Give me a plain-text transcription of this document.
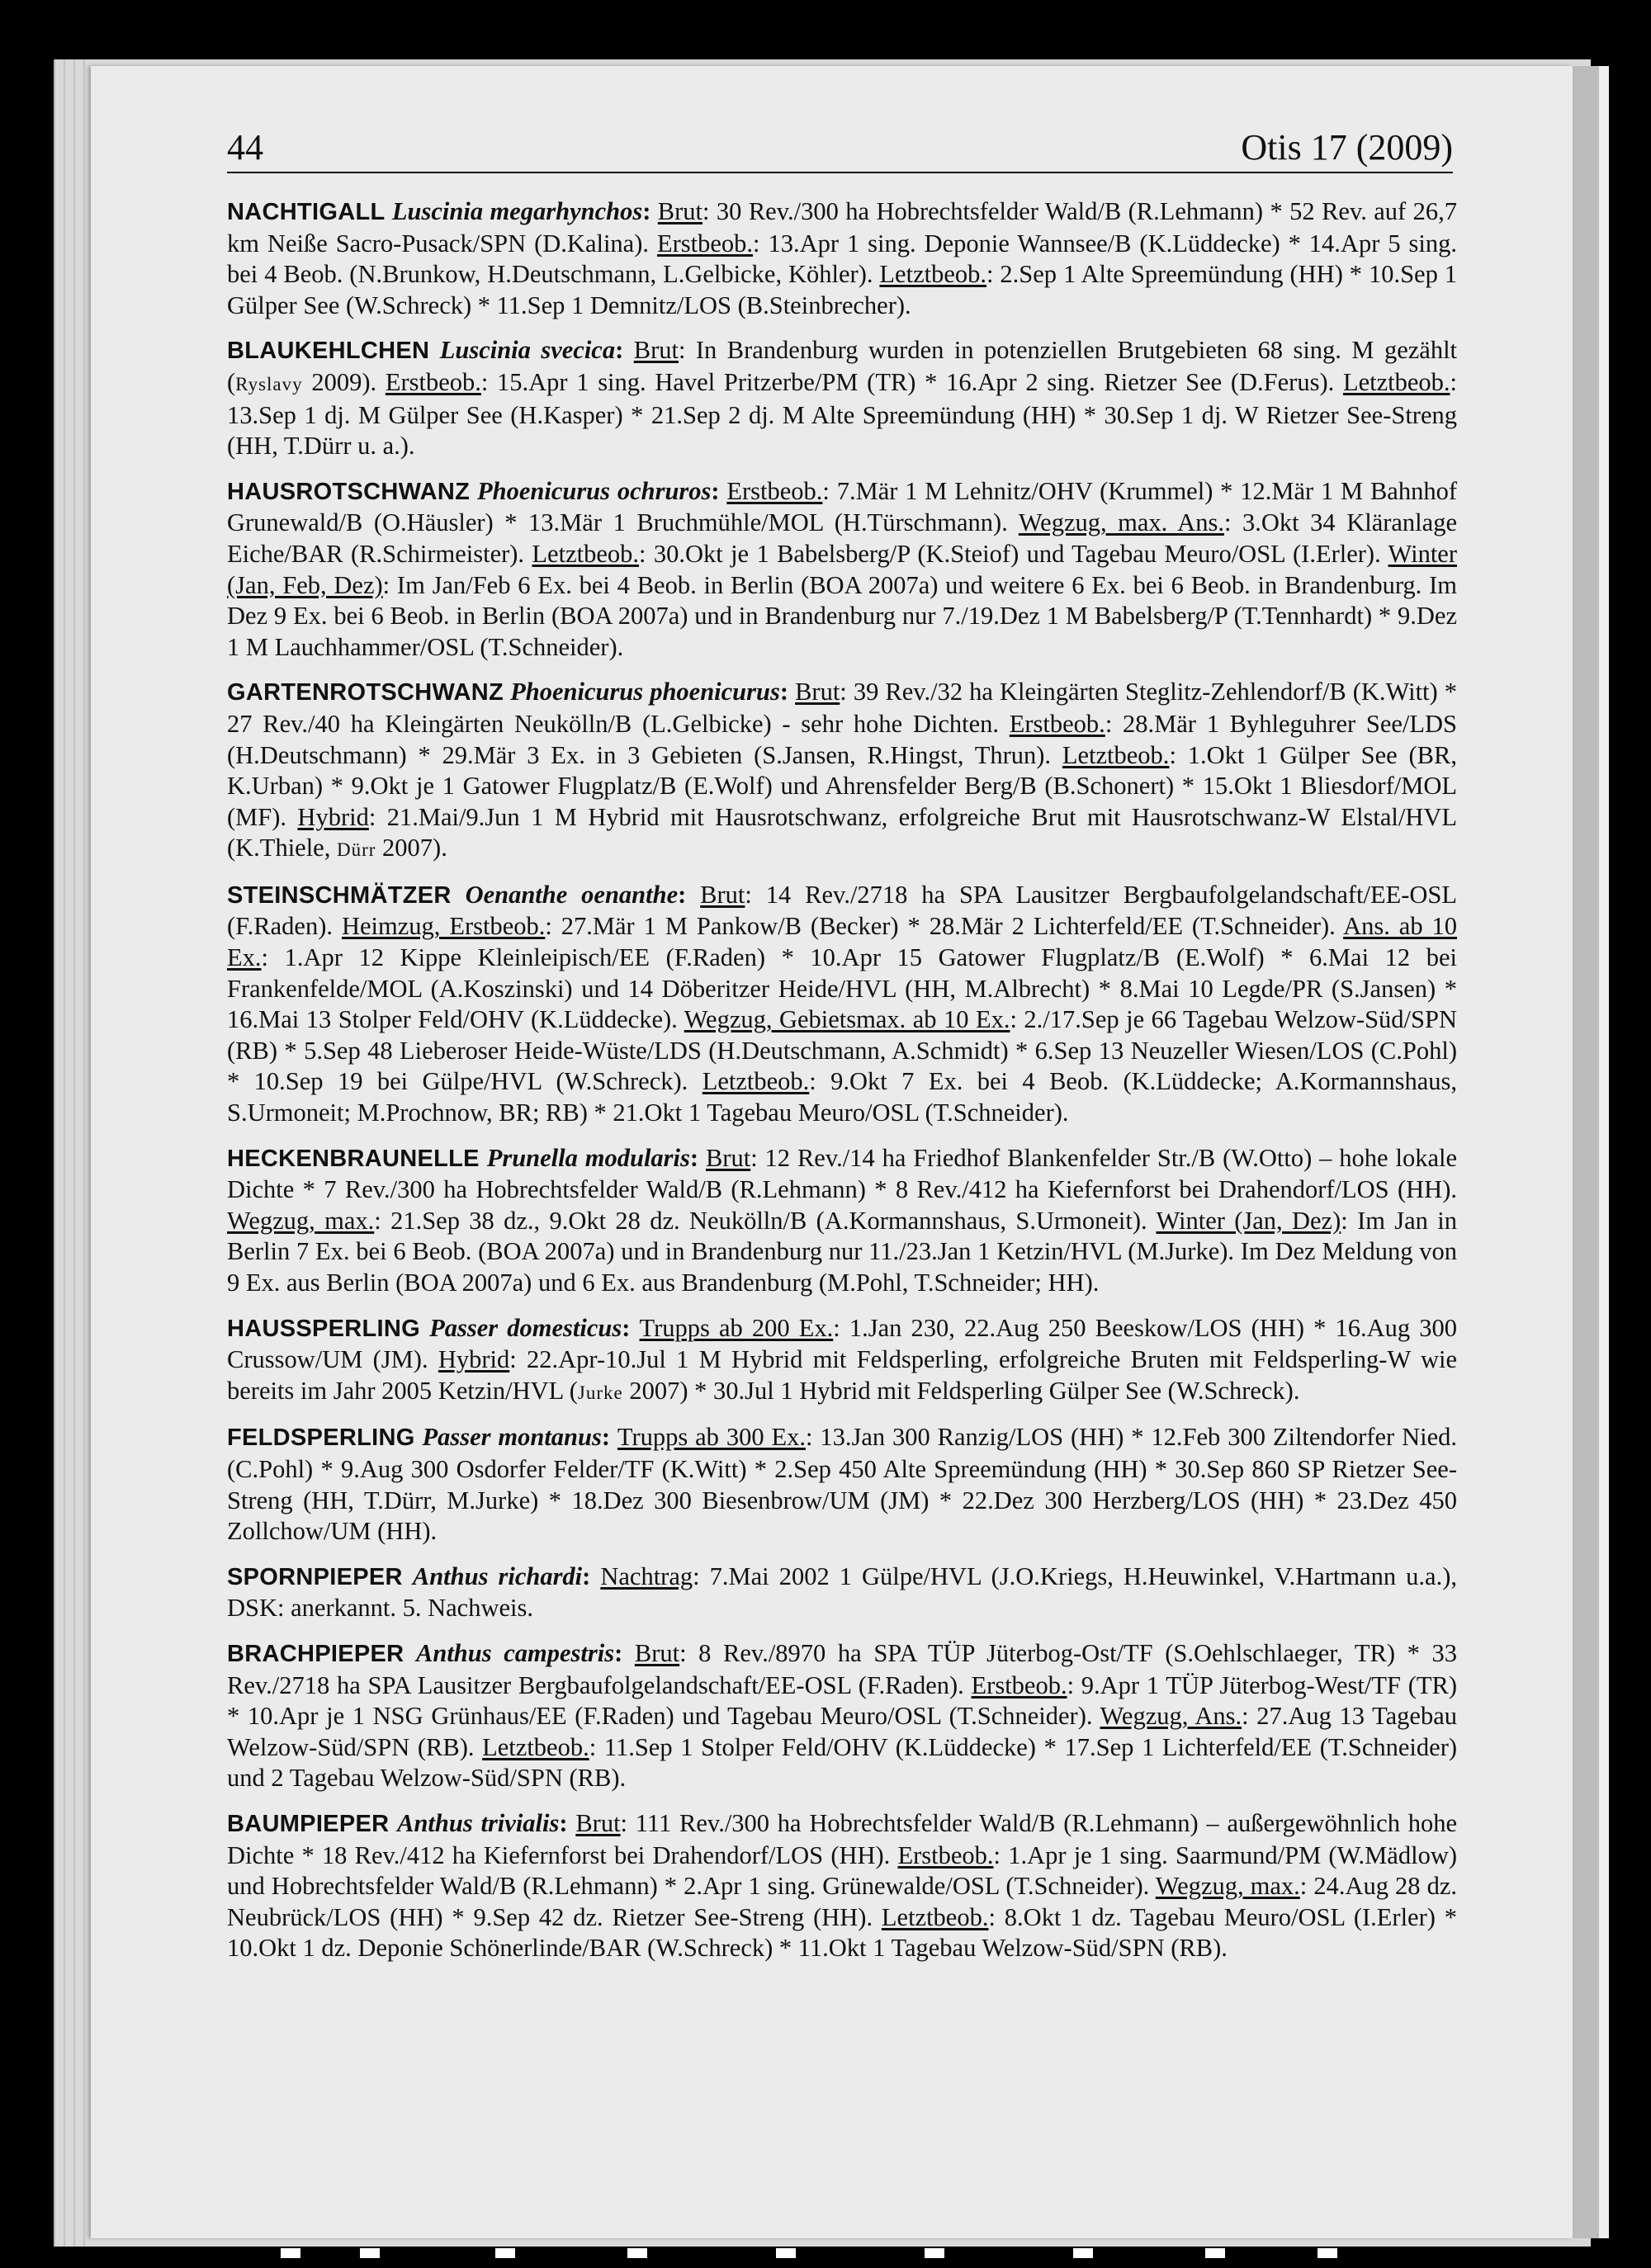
44	Otis 17 (2009)

NACHTIGALL Luscinia megarhynchos: Brut: 30 Rev./300 ha Hobrechtsfelder Wald/B (R.Lehmann) * 52 Rev. auf 26,7 km Neiße Sacro-Pusack/SPN (D.Kalina). Erstbeob.: 13.Apr 1 sing. Deponie Wannsee/B (K.Lüddecke) * 14.Apr 5 sing. bei 4 Beob. (N.Brunkow, H.Deutschmann, L.Gelbicke, Köhler). Letztbeob.: 2.Sep 1 Alte Spreemündung (HH) * 10.Sep 1 Gülper See (W.Schreck) * 11.Sep 1 Demnitz/LOS (B.Steinbrecher).

BLAUKEHLCHEN Luscinia svecica: Brut: In Brandenburg wurden in potenziellen Brutgebieten 68 sing. M gezählt (Ryslavy 2009). Erstbeob.: 15.Apr 1 sing. Havel Pritzerbe/PM (TR) * 16.Apr 2 sing. Rietzer See (D.Ferus). Letztbeob.: 13.Sep 1 dj. M Gülper See (H.Kasper) * 21.Sep 2 dj. M Alte Spreemündung (HH) * 30.Sep 1 dj. W Rietzer See-Streng (HH, T.Dürr u. a.).

HAUSROTSCHWANZ Phoenicurus ochruros: Erstbeob.: 7.Mär 1 M Lehnitz/OHV (Krummel) * 12.Mär 1 M Bahnhof Grunewald/B (O.Häusler) * 13.Mär 1 Bruchmühle/MOL (H.Türschmann). Wegzug, max. Ans.: 3.Okt 34 Kläranlage Eiche/BAR (R.Schirmeister). Letztbeob.: 30.Okt je 1 Babelsberg/P (K.Steiof) und Tagebau Meuro/OSL (I.Erler). Winter (Jan, Feb, Dez): Im Jan/Feb 6 Ex. bei 4 Beob. in Berlin (BOA 2007a) und weitere 6 Ex. bei 6 Beob. in Brandenburg. Im Dez 9 Ex. bei 6 Beob. in Berlin (BOA 2007a) und in Brandenburg nur 7./19.Dez 1 M Babelsberg/P (T.Tennhardt) * 9.Dez 1 M Lauchhammer/OSL (T.Schneider).

GARTENROTSCHWANZ Phoenicurus phoenicurus: Brut: 39 Rev./32 ha Kleingärten Steglitz-Zehlendorf/B (K.Witt) * 27 Rev./40 ha Kleingärten Neukölln/B (L.Gelbicke) - sehr hohe Dichten. Erstbeob.: 28.Mär 1 Byhleguhrer See/LDS (H.Deutschmann) * 29.Mär 3 Ex. in 3 Gebieten (S.Jansen, R.Hingst, Thrun). Letztbeob.: 1.Okt 1 Gülper See (BR, K.Urban) * 9.Okt je 1 Gatower Flugplatz/B (E.Wolf) und Ahrensfelder Berg/B (B.Schonert) * 15.Okt 1 Bliesdorf/MOL (MF). Hybrid: 21.Mai/9.Jun 1 M Hybrid mit Hausrotschwanz, erfolgreiche Brut mit Hausrotschwanz-W Elstal/HVL (K.Thiele, Dürr 2007).

STEINSCHMÄTZER Oenanthe oenanthe: Brut: 14 Rev./2718 ha SPA Lausitzer Bergbaufolgelandschaft/EE-OSL (F.Raden). Heimzug, Erstbeob.: 27.Mär 1 M Pankow/B (Becker) * 28.Mär 2 Lichterfeld/EE (T.Schneider). Ans. ab 10 Ex.: 1.Apr 12 Kippe Kleinleipisch/EE (F.Raden) * 10.Apr 15 Gatower Flugplatz/B (E.Wolf) * 6.Mai 12 bei Frankenfelde/MOL (A.Koszinski) und 14 Döberitzer Heide/HVL (HH, M.Albrecht) * 8.Mai 10 Legde/PR (S.Jansen) * 16.Mai 13 Stolper Feld/OHV (K.Lüddecke). Wegzug, Gebietsmax. ab 10 Ex.: 2./17.Sep je 66 Tagebau Welzow-Süd/SPN (RB) * 5.Sep 48 Lieberoser Heide-Wüste/LDS (H.Deutschmann, A.Schmidt) * 6.Sep 13 Neuzeller Wiesen/LOS (C.Pohl) * 10.Sep 19 bei Gülpe/HVL (W.Schreck). Letztbeob.: 9.Okt 7 Ex. bei 4 Beob. (K.Lüddecke; A.Kormannshaus, S.Urmoneit; M.Prochnow, BR; RB) * 21.Okt 1 Tagebau Meuro/OSL (T.Schneider).

HECKENBRAUNELLE Prunella modularis: Brut: 12 Rev./14 ha Friedhof Blankenfelder Str./B (W.Otto) – hohe lokale Dichte * 7 Rev./300 ha Hobrechtsfelder Wald/B (R.Lehmann) * 8 Rev./412 ha Kiefernforst bei Drahendorf/LOS (HH). Wegzug, max.: 21.Sep 38 dz., 9.Okt 28 dz. Neukölln/B (A.Kormannshaus, S.Urmoneit). Winter (Jan, Dez): Im Jan in Berlin 7 Ex. bei 6 Beob. (BOA 2007a) und in Brandenburg nur 11./23.Jan 1 Ketzin/HVL (M.Jurke). Im Dez Meldung von 9 Ex. aus Berlin (BOA 2007a) und 6 Ex. aus Brandenburg (M.Pohl, T.Schneider; HH).

HAUSSPERLING Passer domesticus: Trupps ab 200 Ex.: 1.Jan 230, 22.Aug 250 Beeskow/LOS (HH) * 16.Aug 300 Crussow/UM (JM). Hybrid: 22.Apr-10.Jul 1 M Hybrid mit Feldsperling, erfolgreiche Bruten mit Feldsperling-W wie bereits im Jahr 2005 Ketzin/HVL (Jurke 2007) * 30.Jul 1 Hybrid mit Feldsperling Gülper See (W.Schreck).

FELDSPERLING Passer montanus: Trupps ab 300 Ex.: 13.Jan 300 Ranzig/LOS (HH) * 12.Feb 300 Ziltendorfer Nied. (C.Pohl) * 9.Aug 300 Osdorfer Felder/TF (K.Witt) * 2.Sep 450 Alte Spreemündung (HH) * 30.Sep 860 SP Rietzer See-Streng (HH, T.Dürr, M.Jurke) * 18.Dez 300 Biesenbrow/UM (JM) * 22.Dez 300 Herzberg/LOS (HH) * 23.Dez 450 Zollchow/UM (HH).

SPORNPIEPER Anthus richardi: Nachtrag: 7.Mai 2002 1 Gülpe/HVL (J.O.Kriegs, H.Heuwinkel, V.Hartmann u.a.), DSK: anerkannt. 5. Nachweis.

BRACHPIEPER Anthus campestris: Brut: 8 Rev./8970 ha SPA TÜP Jüterbog-Ost/TF (S.Oehlschlaeger, TR) * 33 Rev./2718 ha SPA Lausitzer Bergbaufolgelandschaft/EE-OSL (F.Raden). Erstbeob.: 9.Apr 1 TÜP Jüterbog-West/TF (TR) * 10.Apr je 1 NSG Grünhaus/EE (F.Raden) und Tagebau Meuro/OSL (T.Schneider). Wegzug, Ans.: 27.Aug 13 Tagebau Welzow-Süd/SPN (RB). Letztbeob.: 11.Sep 1 Stolper Feld/OHV (K.Lüddecke) * 17.Sep 1 Lichterfeld/EE (T.Schneider) und 2 Tagebau Welzow-Süd/SPN (RB).

BAUMPIEPER Anthus trivialis: Brut: 111 Rev./300 ha Hobrechtsfelder Wald/B (R.Lehmann) – außergewöhnlich hohe Dichte * 18 Rev./412 ha Kiefernforst bei Drahendorf/LOS (HH). Erstbeob.: 1.Apr je 1 sing. Saarmund/PM (W.Mädlow) und Hobrechtsfelder Wald/B (R.Lehmann) * 2.Apr 1 sing. Grünewalde/OSL (T.Schneider). Wegzug, max.: 24.Aug 28 dz. Neubrück/LOS (HH) * 9.Sep 42 dz. Rietzer See-Streng (HH). Letztbeob.: 8.Okt 1 dz. Tagebau Meuro/OSL (I.Erler) * 10.Okt 1 dz. Deponie Schönerlinde/BAR (W.Schreck) * 11.Okt 1 Tagebau Welzow-Süd/SPN (RB).
